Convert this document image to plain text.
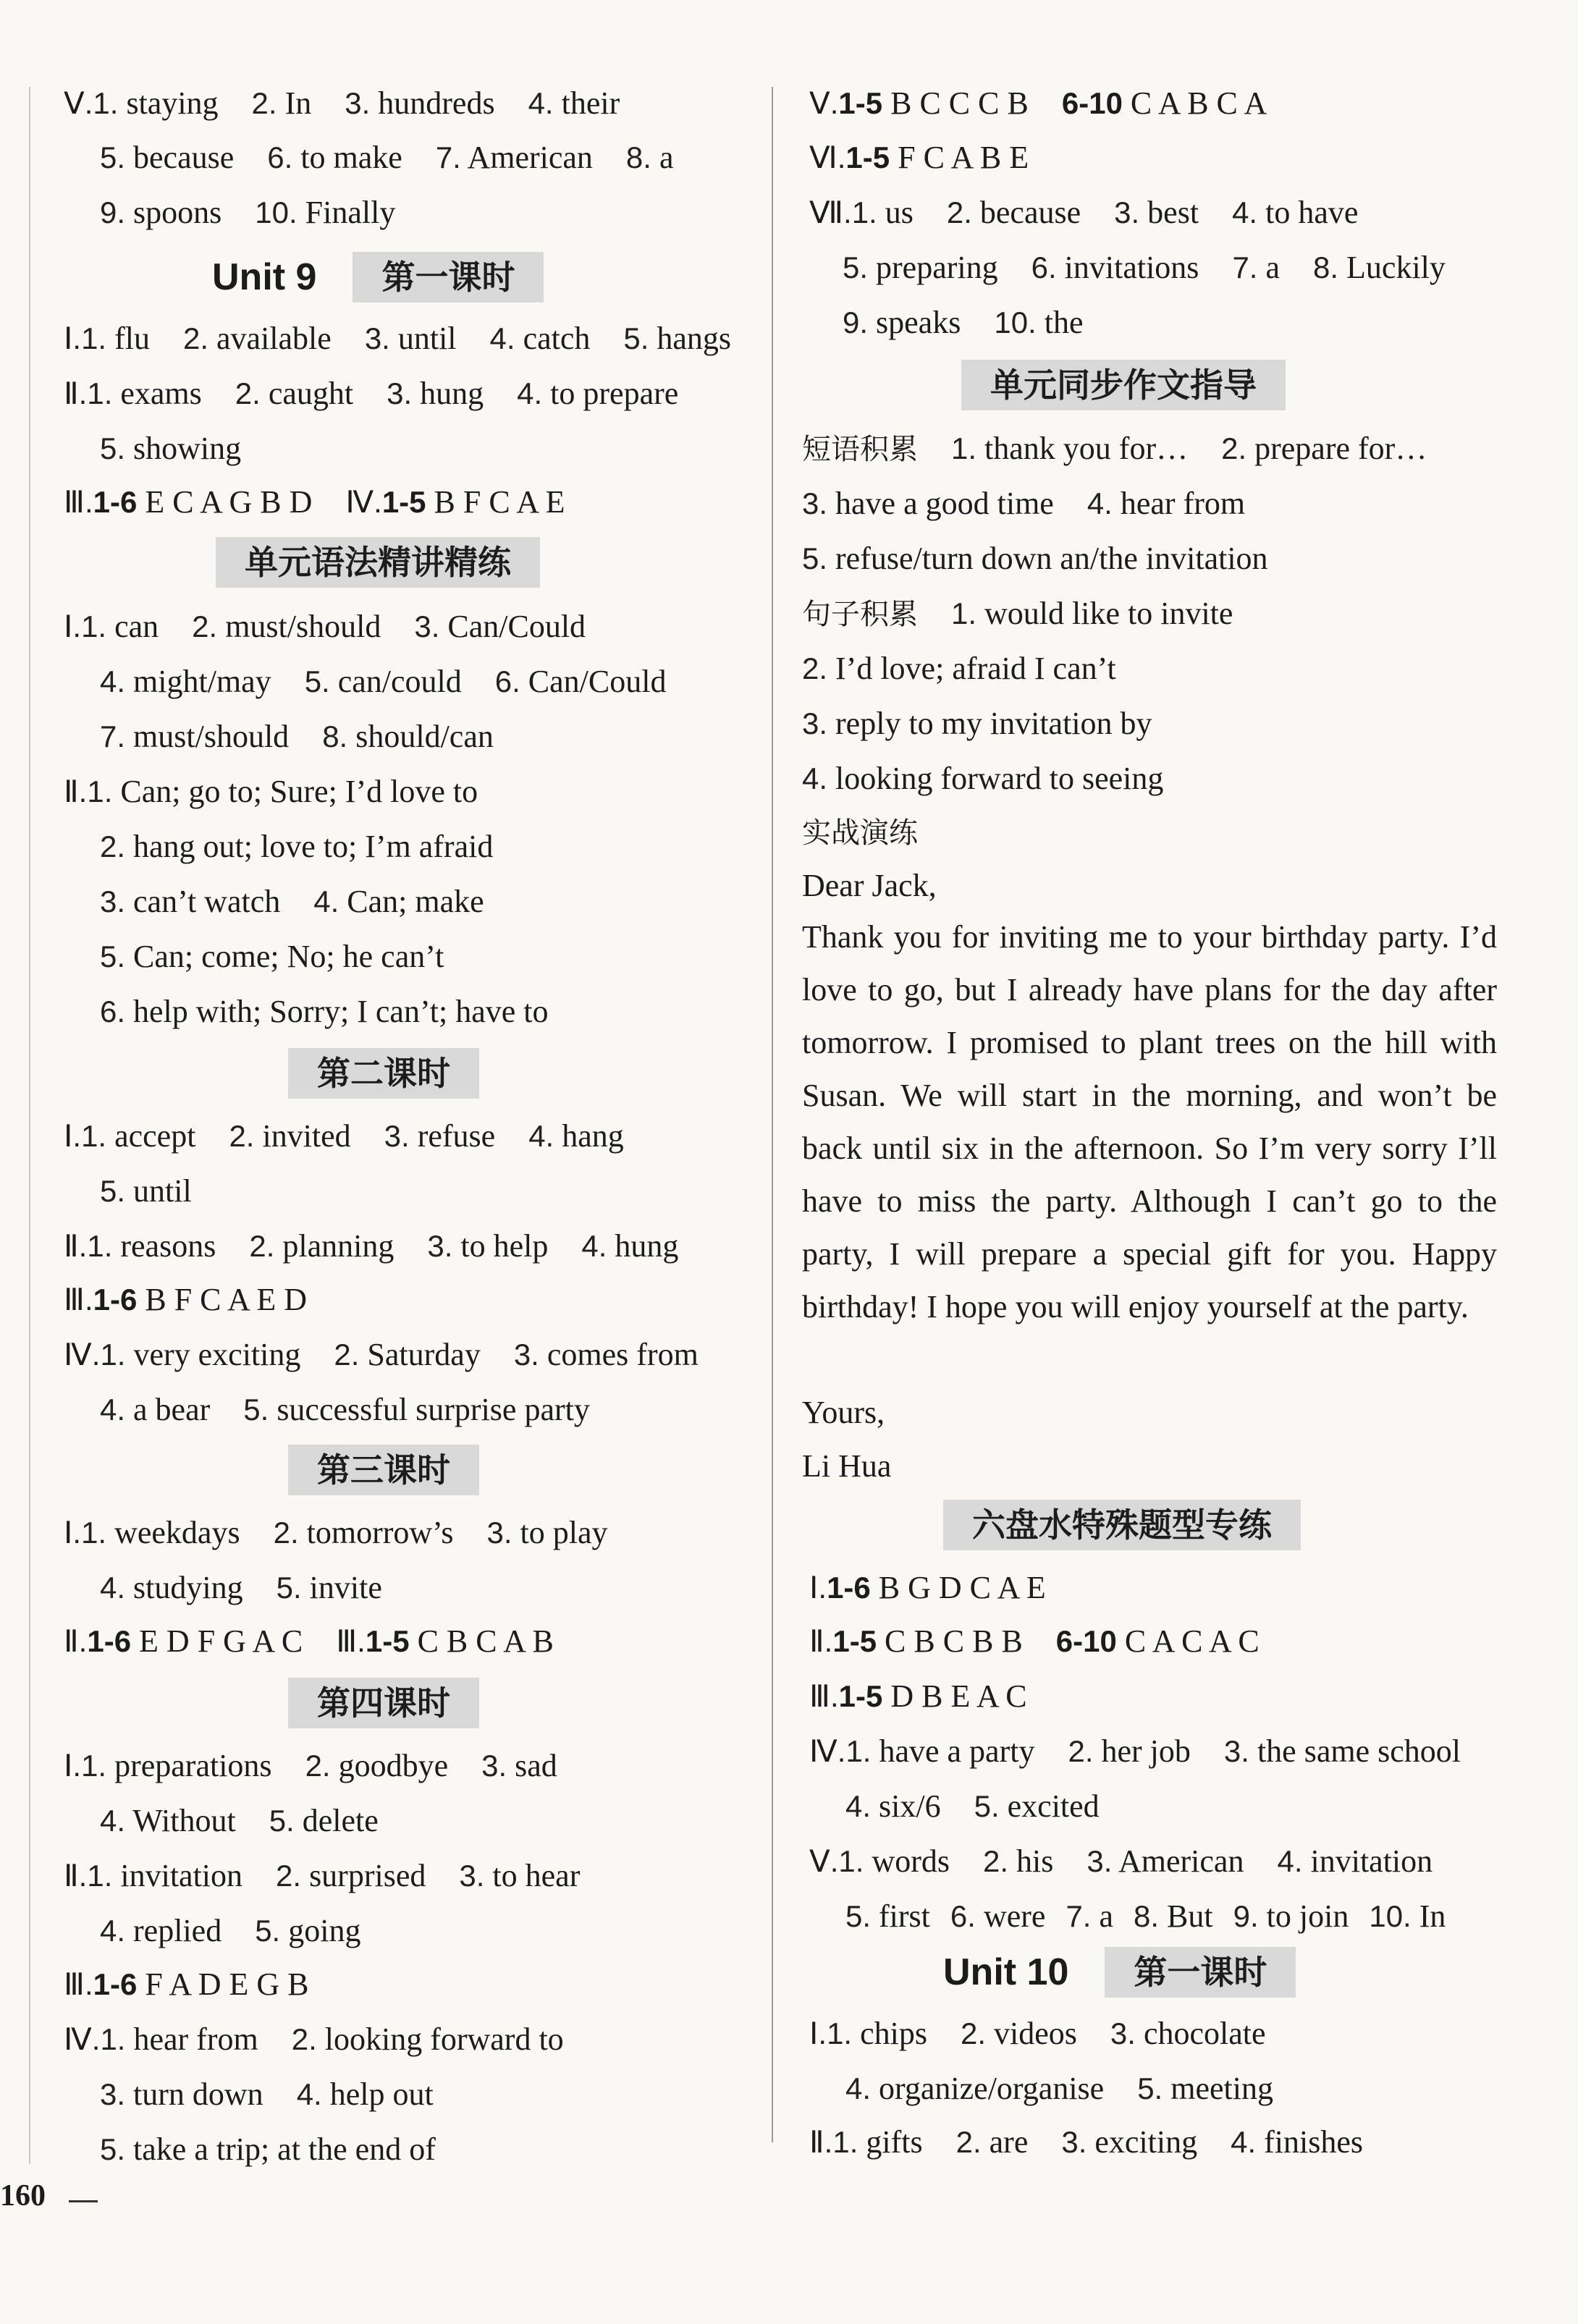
Ⅴ.1. staying 2. In 3. hundreds 4. their
5. because 6. to make 7. American 8. a
9. spoons 10. Finally
Unit 9 第一课时
Ⅰ.1. flu 2. available 3. until 4. catch 5. hangs
Ⅱ.1. exams 2. caught 3. hung 4. to prepare
5. showing
Ⅲ.1-6 E C A G B D Ⅳ.1-5 B F C A E
单元语法精讲精练
Ⅰ.1. can 2. must/should 3. Can/Could
4. might/may 5. can/could 6. Can/Could
7. must/should 8. should/can
Ⅱ.1. Can; go to; Sure; I’d love to
2. hang out; love to; I’m afraid
3. can’t watch 4. Can; make
5. Can; come; No; he can’t
6. help with; Sorry; I can’t; have to
第二课时
Ⅰ.1. accept 2. invited 3. refuse 4. hang
5. until
Ⅱ.1. reasons 2. planning 3. to help 4. hung
Ⅲ.1-6 B F C A E D
Ⅳ.1. very exciting 2. Saturday 3. comes from
4. a bear 5. successful surprise party
第三课时
Ⅰ.1. weekdays 2. tomorrow’s 3. to play
4. studying 5. invite
Ⅱ.1-6 E D F G A C Ⅲ.1-5 C B C A B
第四课时
Ⅰ.1. preparations 2. goodbye 3. sad
4. Without 5. delete
Ⅱ.1. invitation 2. surprised 3. to hear
4. replied 5. going
Ⅲ.1-6 F A D E G B
Ⅳ.1. hear from 2. looking forward to
3. turn down 4. help out
5. take a trip; at the end of
Ⅴ.1-5 B C C C B 6-10 C A B C A
Ⅵ.1-5 F C A B E
Ⅶ.1. us 2. because 3. best 4. to have
5. preparing 6. invitations 7. a 8. Luckily
9. speaks 10. the
单元同步作文指导
短语积累 1. thank you for… 2. prepare for…
3. have a good time 4. hear from
5. refuse/turn down an/the invitation
句子积累 1. would like to invite
2. I’d love; afraid I can’t
3. reply to my invitation by
4. looking forward to seeing
实战演练
Dear Jack,
Thank you for inviting me to your birthday party. I’d love to go, but I already have plans for the day after tomorrow. I promised to plant trees on the hill with Susan. We will start in the morning, and won’t be back until six in the afternoon. So I’m very sorry I’ll have to miss the party. Although I can’t go to the party, I will prepare a special gift for you. Happy birthday! I hope you will enjoy yourself at the party.
Yours,
Li Hua
六盘水特殊题型专练
Ⅰ.1-6 B G D C A E
Ⅱ.1-5 C B C B B 6-10 C A C A C
Ⅲ.1-5 D B E A C
Ⅳ.1. have a party 2. her job 3. the same school
4. six/6 5. excited
Ⅴ.1. words 2. his 3. American 4. invitation
5. first 6. were 7. a 8. But 9. to join 10. In
Unit 10 第一课时
Ⅰ.1. chips 2. videos 3. chocolate
4. organize/organise 5. meeting
Ⅱ.1. gifts 2. are 3. exciting 4. finishes
160
